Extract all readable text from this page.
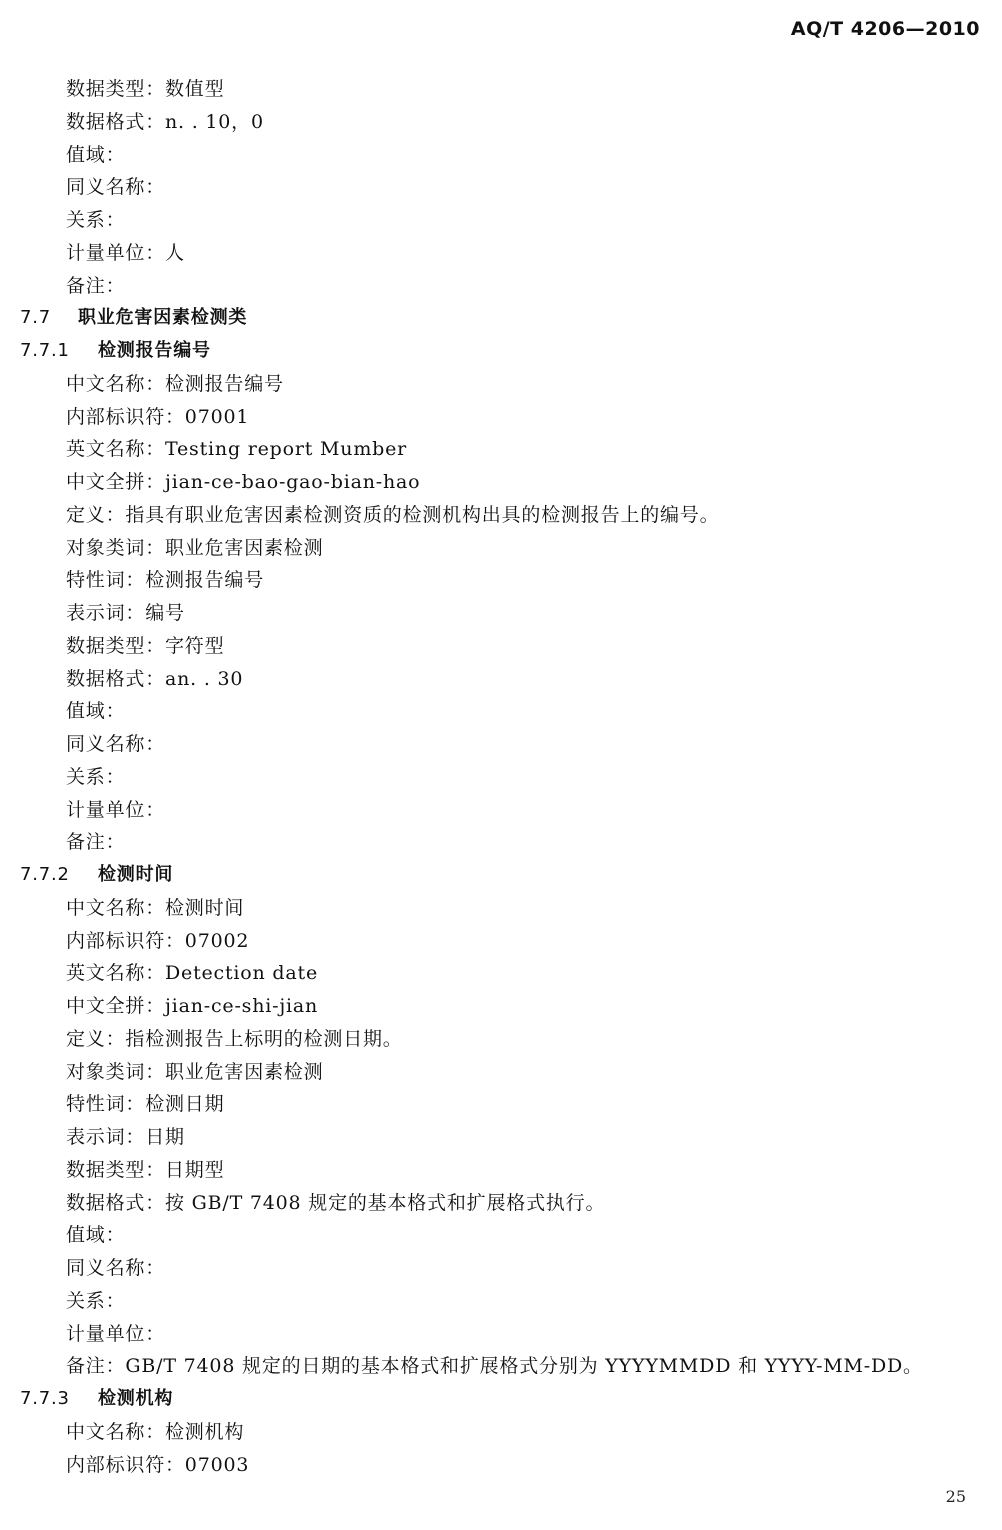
AQ/T 4206—2010
数据类型：数值型
数据格式：n. . 10，0
值域：
同义名称：
关系：
计量单位：人
备注：
7.7 职业危害因素检测类
7.7.1 检测报告编号
中文名称：检测报告编号
内部标识符：07001
英文名称：Testing report Mumber
中文全拼：jian-ce-bao-gao-bian-hao
定义：指具有职业危害因素检测资质的检测机构出具的检测报告上的编号。
对象类词：职业危害因素检测
特性词：检测报告编号
表示词：编号
数据类型：字符型
数据格式：an. . 30
值域：
同义名称：
关系：
计量单位：
备注：
7.7.2 检测时间
中文名称：检测时间
内部标识符：07002
英文名称：Detection date
中文全拼：jian-ce-shi-jian
定义：指检测报告上标明的检测日期。
对象类词：职业危害因素检测
特性词：检测日期
表示词：日期
数据类型：日期型
数据格式：按 GB/T 7408 规定的基本格式和扩展格式执行。
值域：
同义名称：
关系：
计量单位：
备注：GB/T 7408 规定的日期的基本格式和扩展格式分别为 YYYYMMDD 和 YYYY-MM-DD。
7.7.3 检测机构
中文名称：检测机构
内部标识符：07003
25
